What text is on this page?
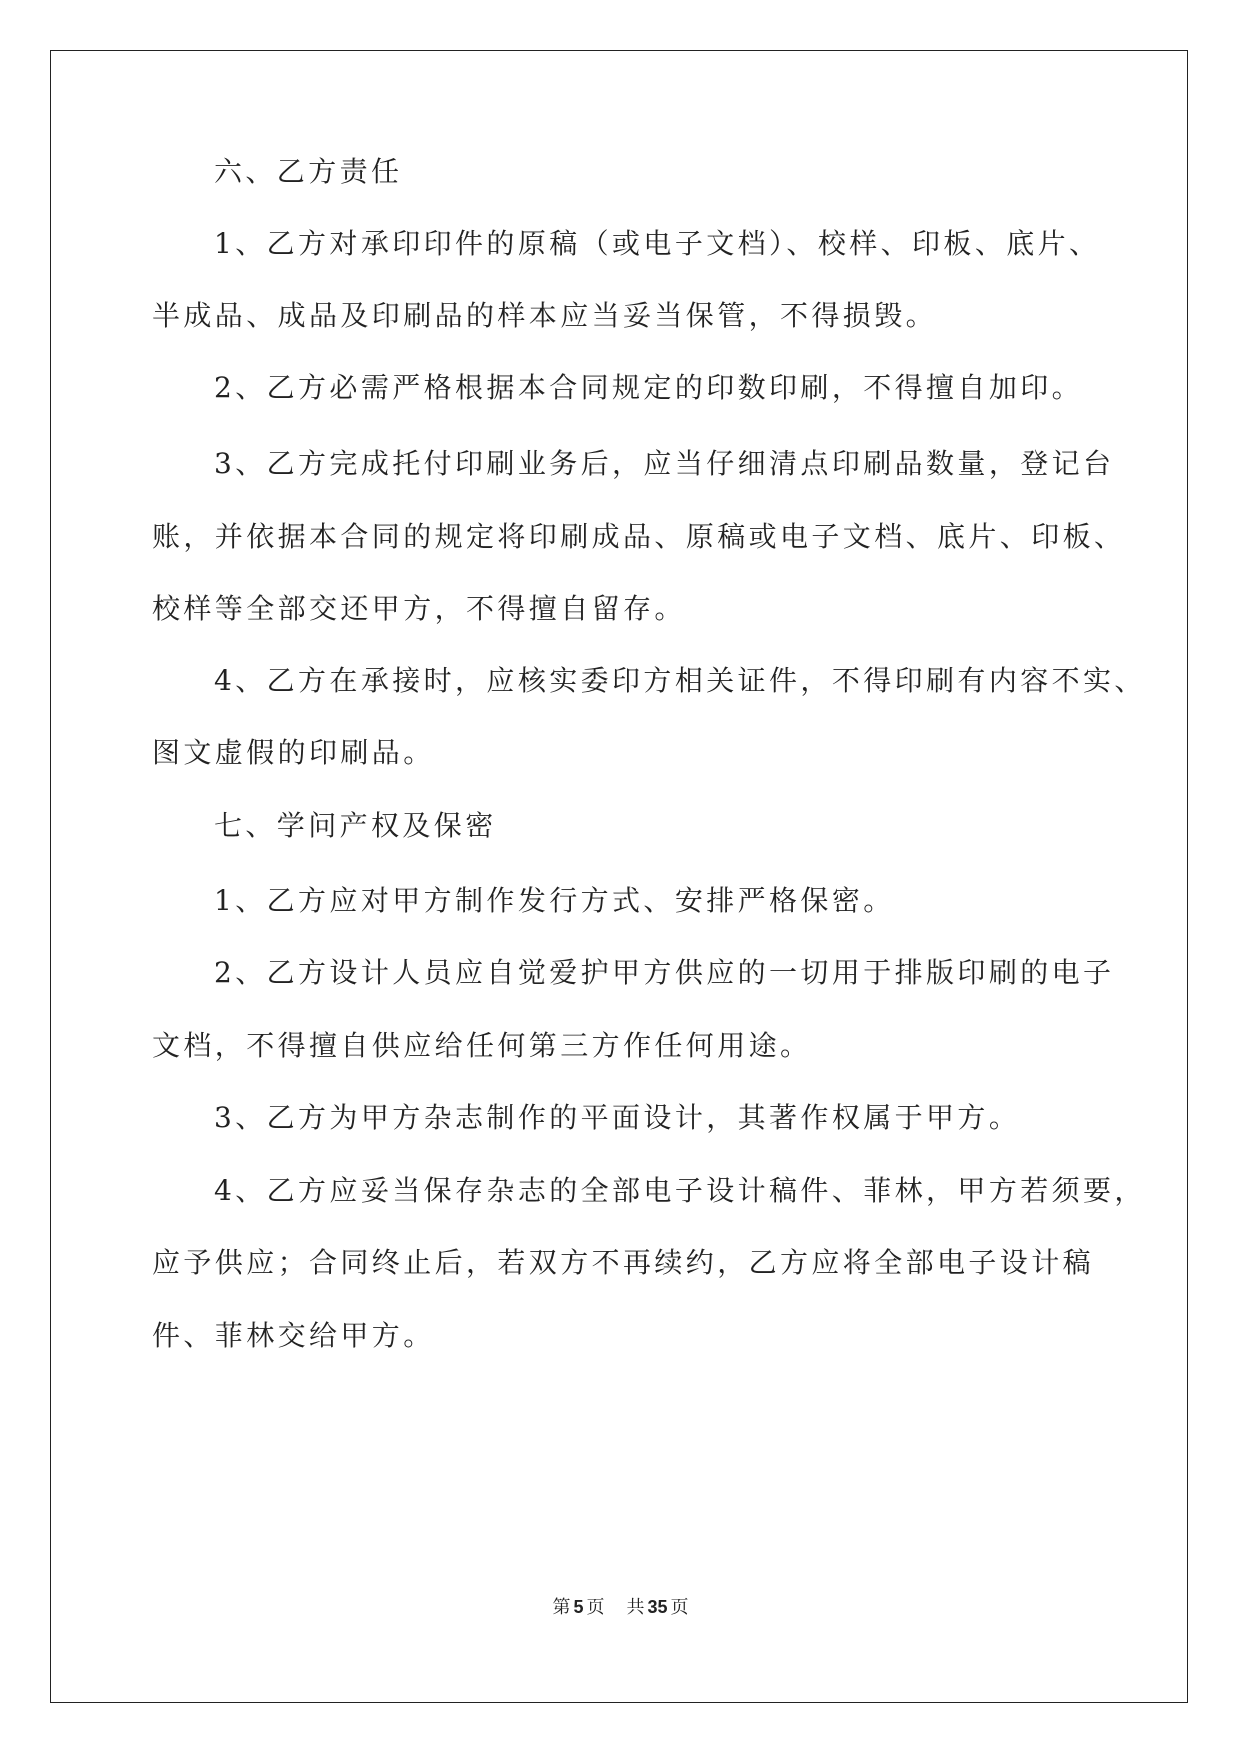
六、乙方责任
1、乙方对承印印件的原稿（或电子文档）、校样、印板、底片、
半成品、成品及印刷品的样本应当妥当保管，不得损毁。
2、乙方必需严格根据本合同规定的印数印刷，不得擅自加印。
3、乙方完成托付印刷业务后，应当仔细清点印刷品数量，登记台
账，并依据本合同的规定将印刷成品、原稿或电子文档、底片、印板、
校样等全部交还甲方，不得擅自留存。
4、乙方在承接时，应核实委印方相关证件，不得印刷有内容不实、
图文虚假的印刷品。
七、学问产权及保密
1、乙方应对甲方制作发行方式、安排严格保密。
2、乙方设计人员应自觉爱护甲方供应的一切用于排版印刷的电子
文档，不得擅自供应给任何第三方作任何用途。
3、乙方为甲方杂志制作的平面设计，其著作权属于甲方。
4、乙方应妥当保存杂志的全部电子设计稿件、菲林，甲方若须要，
应予供应；合同终止后，若双方不再续约，乙方应将全部电子设计稿
件、菲林交给甲方。
第 5 页 共 35 页
